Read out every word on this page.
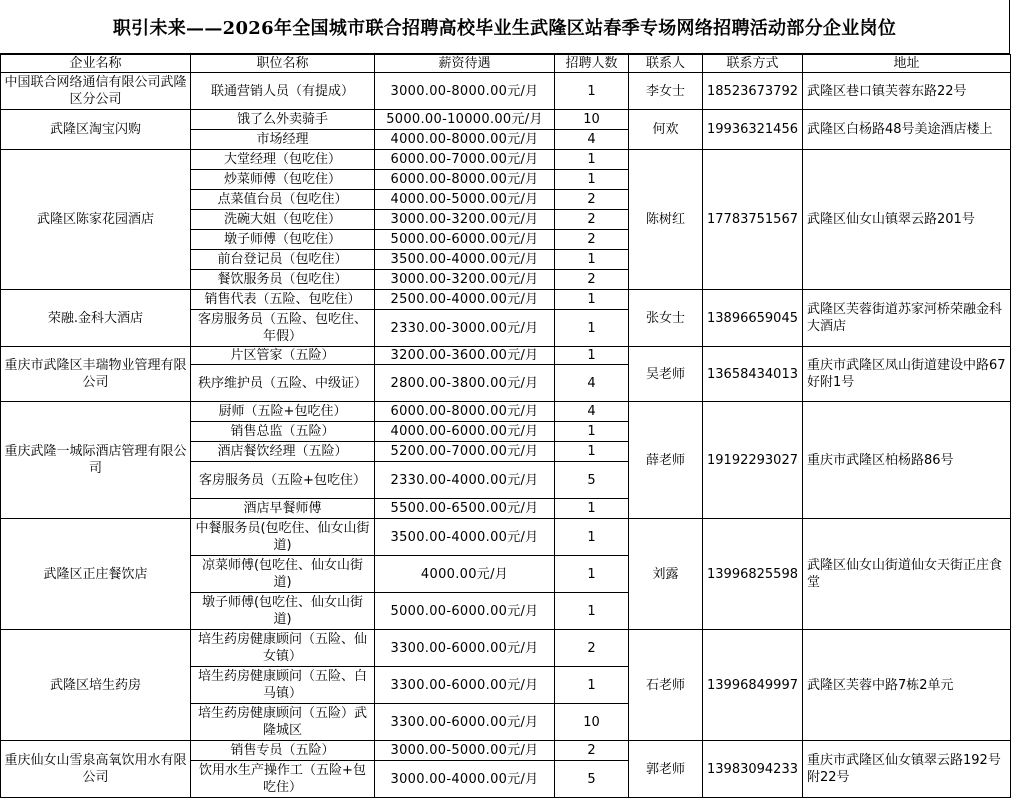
职引未来——2026年全国城市联合招聘高校毕业生武隆区站春季专场网络招聘活动部分企业岗位
企业名称	职位名称	薪资待遇	招聘人数	联系人	联系方式	地址
中国联合网络通信有限公司武隆区分公司	联通营销人员（有提成）	3000.00-8000.00元/月	1	李女士	18523673792	武隆区巷口镇芙蓉东路22号
武隆区淘宝闪购	饿了么外卖骑手	5000.00-10000.00元/月	10	何欢	19936321456	武隆区白杨路48号美途酒店楼上
	市场经理	4000.00-8000.00元/月	4			
武隆区陈家花园酒店	大堂经理（包吃住）	6000.00-7000.00元/月	1	陈树红	17783751567	武隆区仙女山镇翠云路201号
	炒菜师傅（包吃住）	6000.00-8000.00元/月	1			
	点菜值台员（包吃住）	4000.00-5000.00元/月	2			
	洗碗大姐（包吃住）	3000.00-3200.00元/月	2			
	墩子师傅（包吃住）	5000.00-6000.00元/月	2			
	前台登记员（包吃住）	3500.00-4000.00元/月	1			
	餐饮服务员（包吃住）	3000.00-3200.00元/月	2			
荣融.金科大酒店	销售代表（五险、包吃住）	2500.00-4000.00元/月	1	张女士	13896659045	武隆区芙蓉街道苏家河桥荣融金科大酒店
	客房服务员（五险、包吃住、年假）	2330.00-3000.00元/月	1			
重庆市武隆区丰瑞物业管理有限公司	片区管家（五险）	3200.00-3600.00元/月	1	吴老师	13658434013	重庆市武隆区凤山街道建设中路67好附1号
	秩序维护员（五险、中级证）	2800.00-3800.00元/月	4			
重庆武隆一城际酒店管理有限公司	厨师（五险+包吃住）	6000.00-8000.00元/月	4	薛老师	19192293027	重庆市武隆区柏杨路86号
	销售总监（五险）	4000.00-6000.00元/月	1			
	酒店餐饮经理（五险）	5200.00-7000.00元/月	1			
	客房服务员（五险+包吃住）	2330.00-4000.00元/月	5			
	酒店早餐师傅	5500.00-6500.00元/月	1			
武隆区正庄餐饮店	中餐服务员(包吃住、仙女山街道)	3500.00-4000.00元/月	1	刘露	13996825598	武隆区仙女山街道仙女天街正庄食堂
	凉菜师傅(包吃住、仙女山街道)	4000.00元/月	1			
	墩子师傅(包吃住、仙女山街道)	5000.00-6000.00元/月	1			
武隆区培生药房	培生药房健康顾问（五险、仙女镇）	3300.00-6000.00元/月	2	石老师	13996849997	武隆区芙蓉中路7栋2单元
	培生药房健康顾问（五险、白马镇）	3300.00-6000.00元/月	1			
	培生药房健康顾问（五险）武隆城区	3300.00-6000.00元/月	10			
重庆仙女山雪泉高氧饮用水有限公司	销售专员（五险）	3000.00-5000.00元/月	2	郭老师	13983094233	重庆市武隆区仙女镇翠云路192号附22号
	饮用水生产操作工（五险+包吃住）	3000.00-4000.00元/月	5			
